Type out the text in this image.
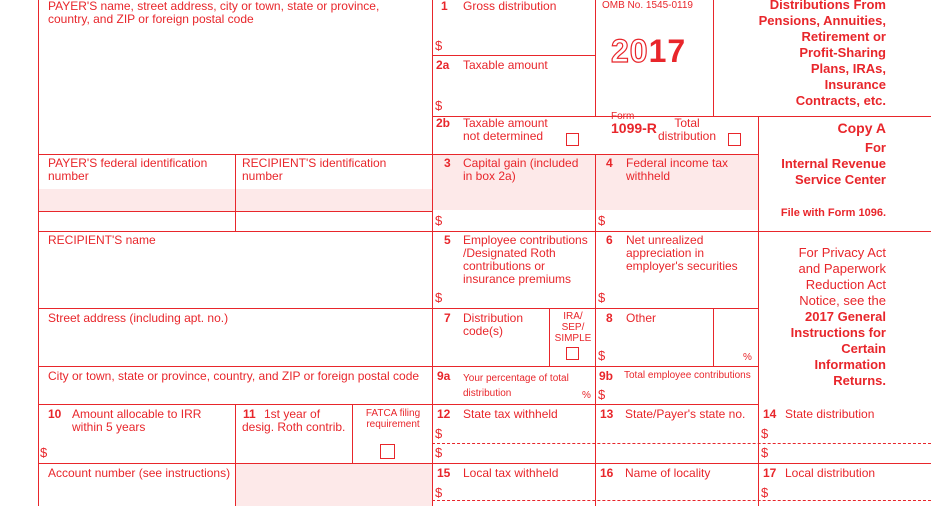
PAYER'S name, street address, city or town, state or province,
country, and ZIP or foreign postal code
1 Gross distribution
$
2a Taxable amount
$
2b Taxable amount
not determined
Total
distribution
OMB No. 1545-0119
2017

Form
1099-R

Distributions From
Pensions, Annuities,
Retirement or
Profit-Sharing
Plans, IRAs,
Insurance
Contracts, etc.
Copy A
For
Internal Revenue
Service Center
File with Form 1096.
For Privacy Act
and Paperwork
Reduction Act
Notice, see the
2017 General
Instructions for
Certain
Information
Returns.
PAYER'S federal identification
number
RECIPIENT'S identification
number
3 Capital gain (included
in box 2a)
$
4 Federal income tax
withheld
$
RECIPIENT'S name	5 Employee contributions
/Designated Roth
contributions or
insurance premiums
$
6 Net unrealized
appreciation in
employer's securities
$
Street address (including apt. no.)	7 Distribution
code(s)
IRA/
SEP/
SIMPLE
8 Other
$	%
City or town, state or province, country, and ZIP or foreign postal code 9a Your percentage of total
distribution	%
9b Total employee contributions
$
10 Amount allocable to IRR
within 5 years
$
11 1st year of
desig. Roth contrib.
FATCA filing
requirement
12 State tax withheld
$
$
13 State/Payer's state no. 14 State distribution
$
$
Account number (see instructions)	15 Local tax withheld
$
16 Name of locality	17 Local distribution
$
